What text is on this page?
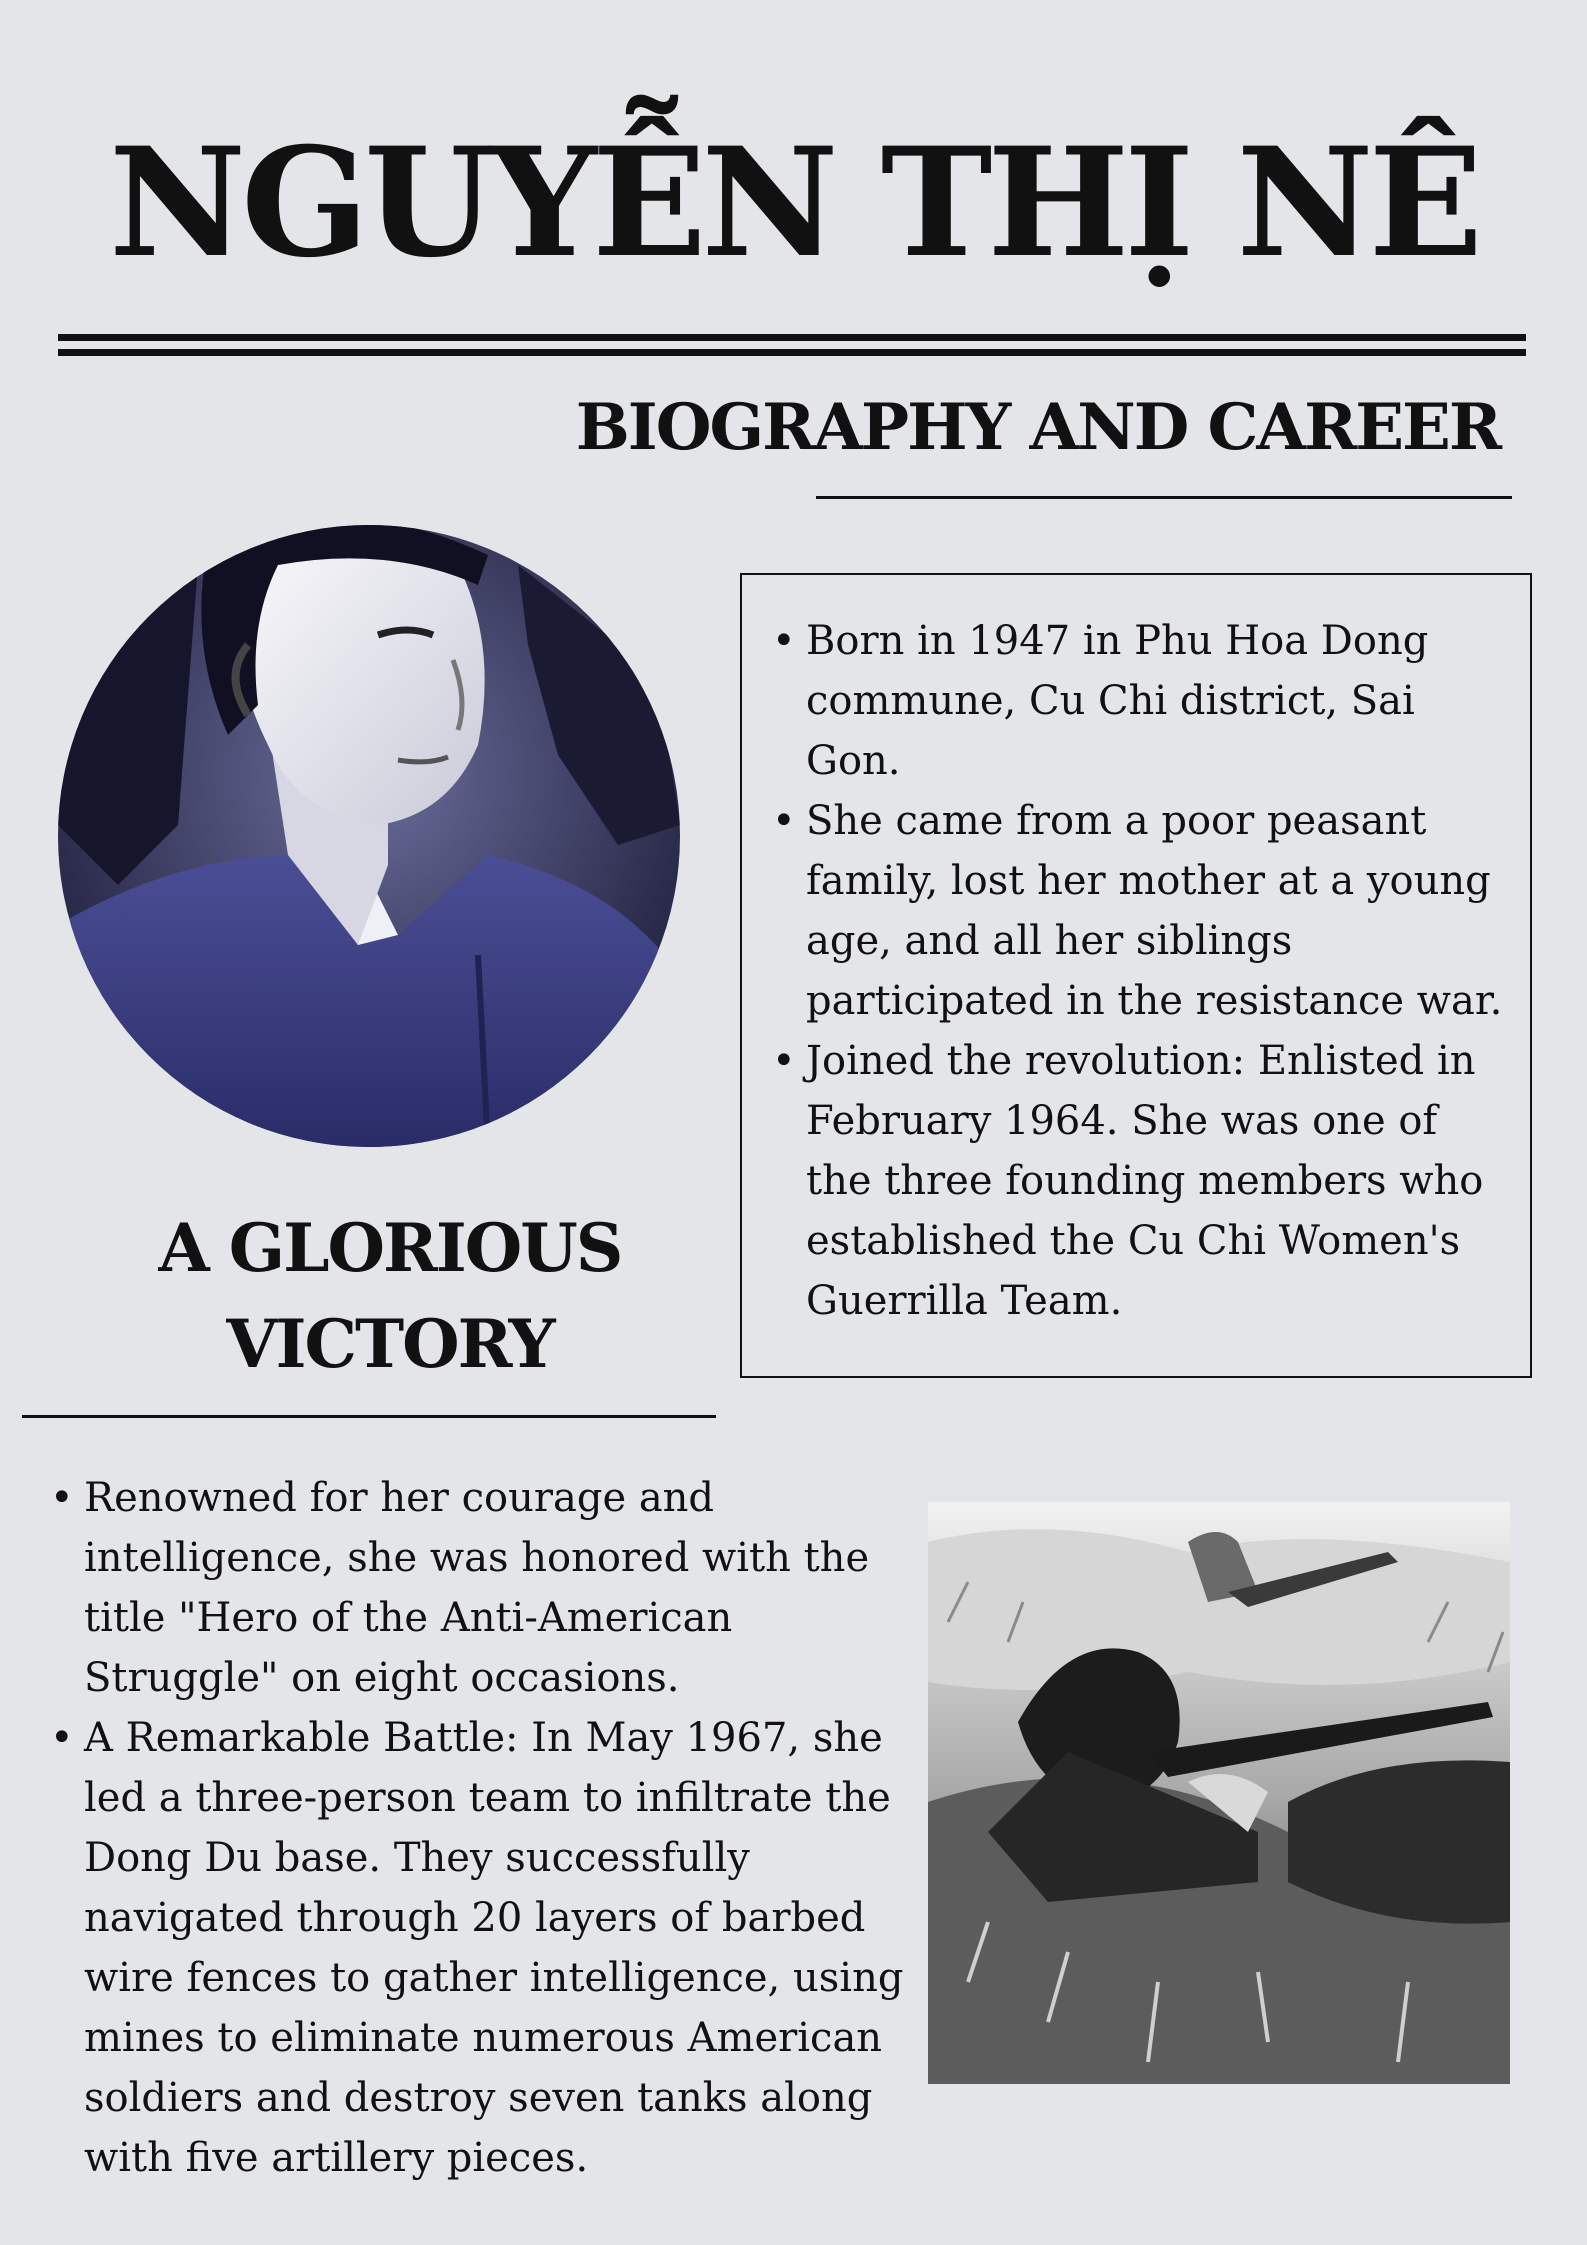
NGUYỄN THỊ NÊ
BIOGRAPHY AND CAREER
• Born in 1947 in Phu Hoa Dong commune, Cu Chi district, Sai Gon.
• She came from a poor peasant family, lost her mother at a young age, and all her siblings participated in the resistance war.
• Joined the revolution: Enlisted in February 1964. She was one of the three founding members who established the Cu Chi Women's Guerrilla Team.
A GLORIOUS
VICTORY
• Renowned for her courage and intelligence, she was honored with the title "Hero of the Anti-American Struggle" on eight occasions.
• A Remarkable Battle: In May 1967, she led a three-person team to infiltrate the Dong Du base. They successfully navigated through 20 layers of barbed wire fences to gather intelligence, using mines to eliminate numerous American soldiers and destroy seven tanks along with five artillery pieces.
